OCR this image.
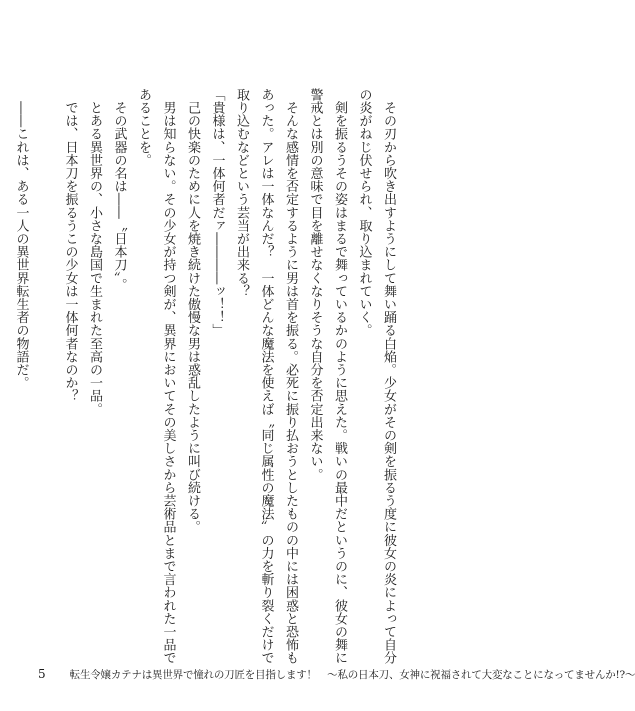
　その刃から吹き出すようにして舞い踊る白焔。少女がその剣を振るう度に彼女の炎によって自分
の炎がねじ伏せられ、取り込まれていく。
　剣を振るうその姿はまるで舞っているかのように思えた。戦いの最中だというのに、彼女の舞に
警戒とは別の意味で目を離せなくなりそうな自分を否定出来ない。
　そんな感情を否定するように男は首を振る。必死に振り払おうとしたものの中には困惑と恐怖も
あった。アレは一体なんだ？　一体どんな魔法を使えば〝同じ属性の魔法〟の力を斬り裂くだけで
取り込むなどという芸当が出来る？
「貴様は、一体何者だァ――――ッ！！」
　己の快楽のために人を焼き続けた傲慢な男は惑乱したように叫び続ける。
　男は知らない。その少女が持つ剣が、異界においてその美しさから芸術品とまで言われた一品で
あることを。
　その武器の名は――〝日本刀〟。
　とある異世界の、小さな島国で生まれた至高の一品。
　では、日本刀を振るうこの少女は一体何者なのか？

　――これは、ある一人の異世界転生者の物語だ。
5 転生令嬢カテナは異世界で憧れの刀匠を目指します！　～私の日本刀、女神に祝福されて大変なことになってませんか!?～
